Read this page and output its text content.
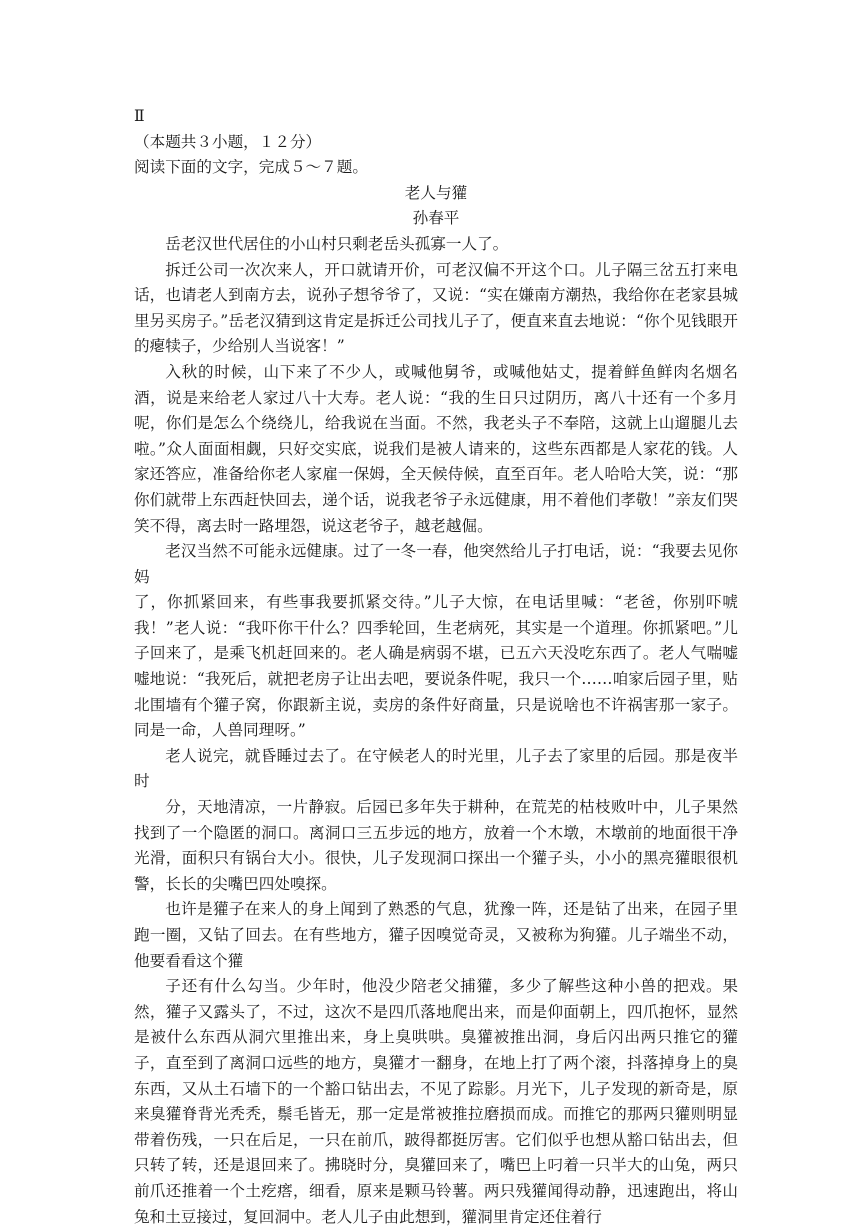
Ⅱ
（本题共３小题，１２分）
阅读下面的文字，完成５～７题。
老人与獾
孙春平
岳老汉世代居住的小山村只剩老岳头孤寡一人了。
拆迁公司一次次来人，开口就请开价，可老汉偏不开这个口。儿子隔三岔五打来电话，也请老人到南方去，说孙子想爷爷了，又说：“实在嫌南方潮热，我给你在老家县城里另买房子。”岳老汉猜到这肯定是拆迁公司找儿子了，便直来直去地说：“你个见钱眼开的瘪犊子，少给别人当说客！”
入秋的时候，山下来了不少人，或喊他舅爷，或喊他姑丈，提着鲜鱼鲜肉名烟名酒，说是来给老人家过八十大寿。老人说：“我的生日只过阴历，离八十还有一个多月呢，你们是怎么个绕绕儿，给我说在当面。不然，我老头子不奉陪，这就上山遛腿儿去啦。”众人面面相觑，只好交实底，说我们是被人请来的，这些东西都是人家花的钱。人家还答应，准备给你老人家雇一保姆，全天候侍候，直至百年。老人哈哈大笑，说：“那你们就带上东西赶快回去，递个话，说我老爷子永远健康，用不着他们孝敬！”亲友们哭笑不得，离去时一路埋怨，说这老爷子，越老越倔。
老汉当然不可能永远健康。过了一冬一春，他突然给儿子打电话，说：“我要去见你妈
了，你抓紧回来，有些事我要抓紧交待。”儿子大惊，在电话里喊：“老爸，你别吓唬我！”老人说：“我吓你干什么？四季轮回，生老病死，其实是一个道理。你抓紧吧。”儿子回来了，是乘飞机赶回来的。老人确是病弱不堪，已五六天没吃东西了。老人气喘嘘嘘地说：“我死后，就把老房子让出去吧，要说条件呢，我只一个……咱家后园子里，贴北围墙有个獾子窝，你跟新主说，卖房的条件好商量，只是说啥也不许祸害那一家子。同是一命，人兽同理呀。”
老人说完，就昏睡过去了。在守候老人的时光里，儿子去了家里的后园。那是夜半时
分，天地清凉，一片静寂。后园已多年失于耕种，在荒芜的枯枝败叶中，儿子果然找到了一个隐匿的洞口。离洞口三五步远的地方，放着一个木墩，木墩前的地面很干净光滑，面积只有锅台大小。很快，儿子发现洞口探出一个獾子头，小小的黑亮獾眼很机警，长长的尖嘴巴四处嗅探。
也许是獾子在来人的身上闻到了熟悉的气息，犹豫一阵，还是钻了出来，在园子里跑一圈，又钻了回去。在有些地方，獾子因嗅觉奇灵，又被称为狗獾。儿子端坐不动，他要看看这个獾
子还有什么勾当。少年时，他没少陪老父捕獾，多少了解些这种小兽的把戏。果然，獾子又露头了，不过，这次不是四爪落地爬出来，而是仰面朝上，四爪抱怀，显然是被什么东西从洞穴里推出来，身上臭哄哄。臭獾被推出洞，身后闪出两只推它的獾子，直至到了离洞口远些的地方，臭獾才一翻身，在地上打了两个滚，抖落掉身上的臭东西，又从土石墙下的一个豁口钻出去，不见了踪影。月光下，儿子发现的新奇是，原来臭獾脊背光秃秃，鬃毛皆无，那一定是常被推拉磨损而成。而推它的那两只獾则明显带着伤残，一只在后足，一只在前爪，跛得都挺厉害。它们似乎也想从豁口钻出去，但只转了转，还是退回来了。拂晓时分，臭獾回来了，嘴巴上叼着一只半大的山兔，两只前爪还推着一个土疙瘩，细看，原来是颗马铃薯。两只残獾闻得动静，迅速跑出，将山兔和土豆接过，复回洞中。老人儿子由此想到，獾洞里肯定还住着行
